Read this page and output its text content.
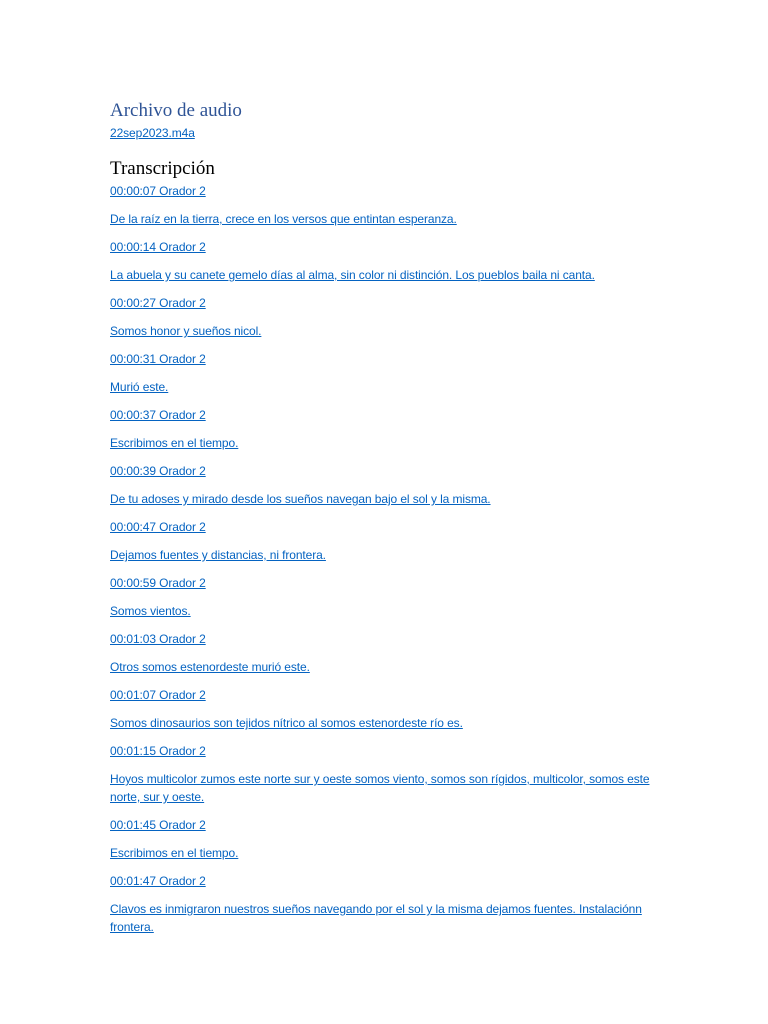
Archivo de audio
22sep2023.m4a
Transcripción
00:00:07 Orador 2
De la raíz en la tierra, crece en los versos que entintan esperanza.
00:00:14 Orador 2
La abuela y su canete gemelo días al alma, sin color ni distinción. Los pueblos baila ni canta.
00:00:27 Orador 2
Somos honor y sueños nicol.
00:00:31 Orador 2
Murió este.
00:00:37 Orador 2
Escribimos en el tiempo.
00:00:39 Orador 2
De tu adoses y mirado desde los sueños navegan bajo el sol y la misma.
00:00:47 Orador 2
Dejamos fuentes y distancias, ni frontera.
00:00:59 Orador 2
Somos vientos.
00:01:03 Orador 2
Otros somos estenordeste murió este.
00:01:07 Orador 2
Somos dinosaurios son tejidos nítrico al somos estenordeste río es.
00:01:15 Orador 2
Hoyos multicolor zumos este norte sur y oeste somos viento, somos son rígidos, multicolor, somos este norte, sur y oeste.
00:01:45 Orador 2
Escribimos en el tiempo.
00:01:47 Orador 2
Clavos es inmigraron nuestros sueños navegando por el sol y la misma dejamos fuentes. Instalaciónn frontera.
